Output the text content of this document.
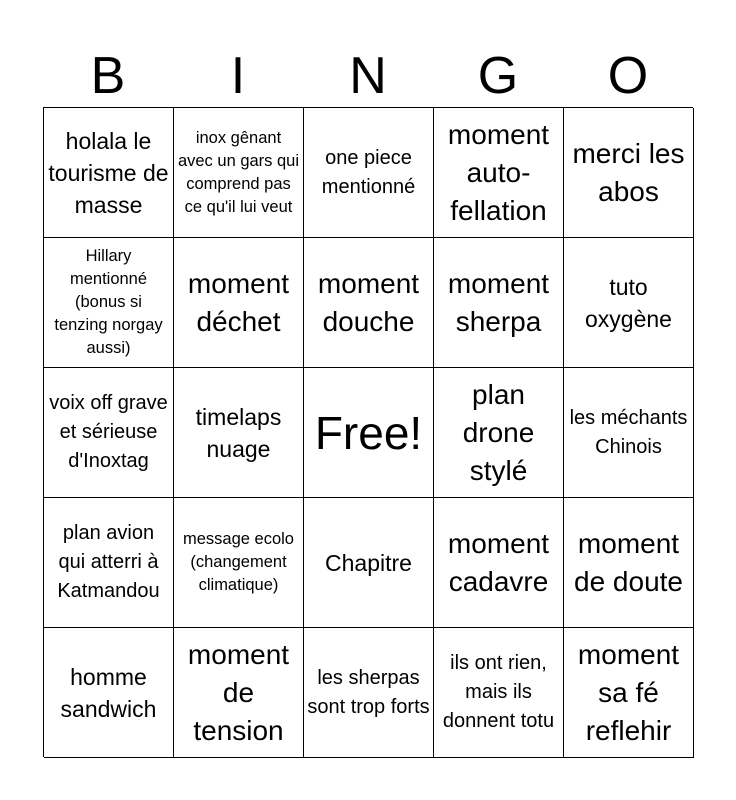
B	I	N	G	O
holala le tourisme de masse
inox gênant avec un gars qui comprend pas ce qu'il lui veut
one piece mentionné
moment auto-fellation
merci les abos
Hillary mentionné (bonus si tenzing norgay aussi)
moment déchet
moment douche
moment sherpa
tuto oxygène
voix off grave et sérieuse d'Inoxtag
timelaps nuage Free!
plan drone stylé
les méchants Chinois
plan avion qui atterri à Katmandou
message ecolo (changement climatique)
Chapitre
moment cadavre
moment de doute
homme sandwich
moment de tension
les sherpas sont trop forts
ils ont rien, mais ils donnent totu
moment sa fé reflehir
